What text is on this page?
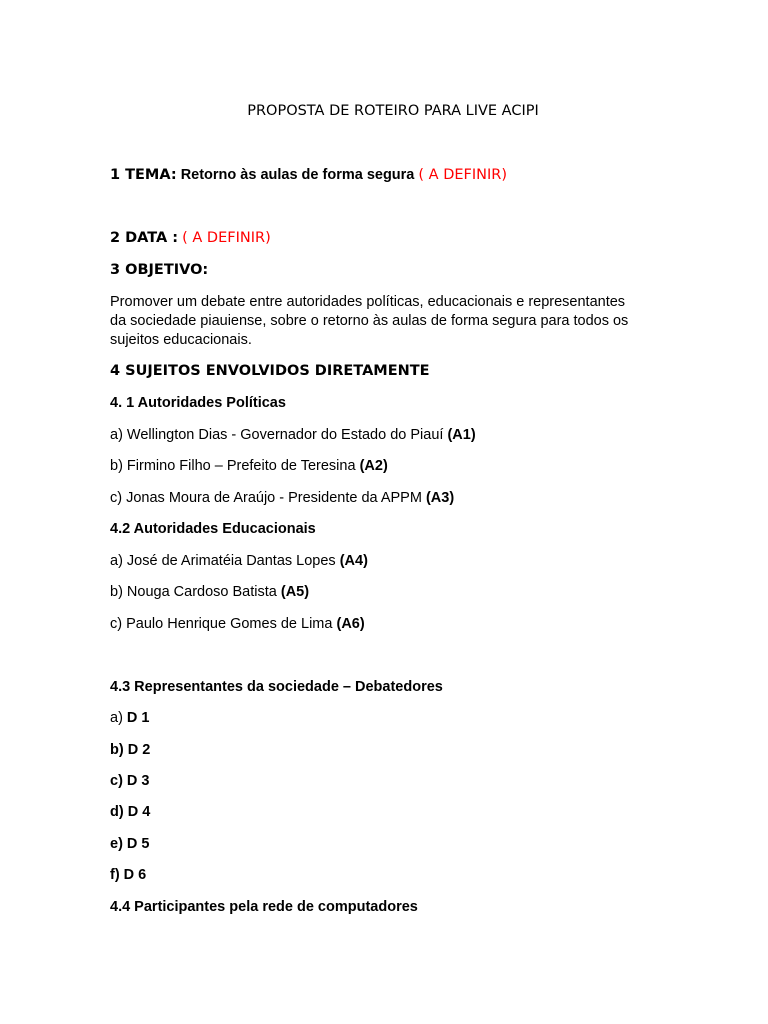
PROPOSTA DE ROTEIRO PARA LIVE ACIPI
1 TEMA: Retorno às aulas de forma segura ( A DEFINIR)
2 DATA : ( A DEFINIR)
3 OBJETIVO:
Promover um debate entre autoridades políticas, educacionais e representantes
da sociedade piauiense, sobre o retorno às aulas de forma segura para todos os
sujeitos educacionais.
4 SUJEITOS ENVOLVIDOS DIRETAMENTE
4. 1 Autoridades Políticas
a) Wellington Dias - Governador do Estado do Piauí (A1)
b) Firmino Filho – Prefeito de Teresina (A2)
c) Jonas Moura de Araújo - Presidente da APPM (A3)
4.2 Autoridades Educacionais
a) José de Arimatéia Dantas Lopes (A4)
b) Nouga Cardoso Batista (A5)
c) Paulo Henrique Gomes de Lima (A6)
4.3 Representantes da sociedade – Debatedores
a) D 1
b) D 2
c) D 3
d) D 4
e) D 5
f) D 6
4.4 Participantes pela rede de computadores
